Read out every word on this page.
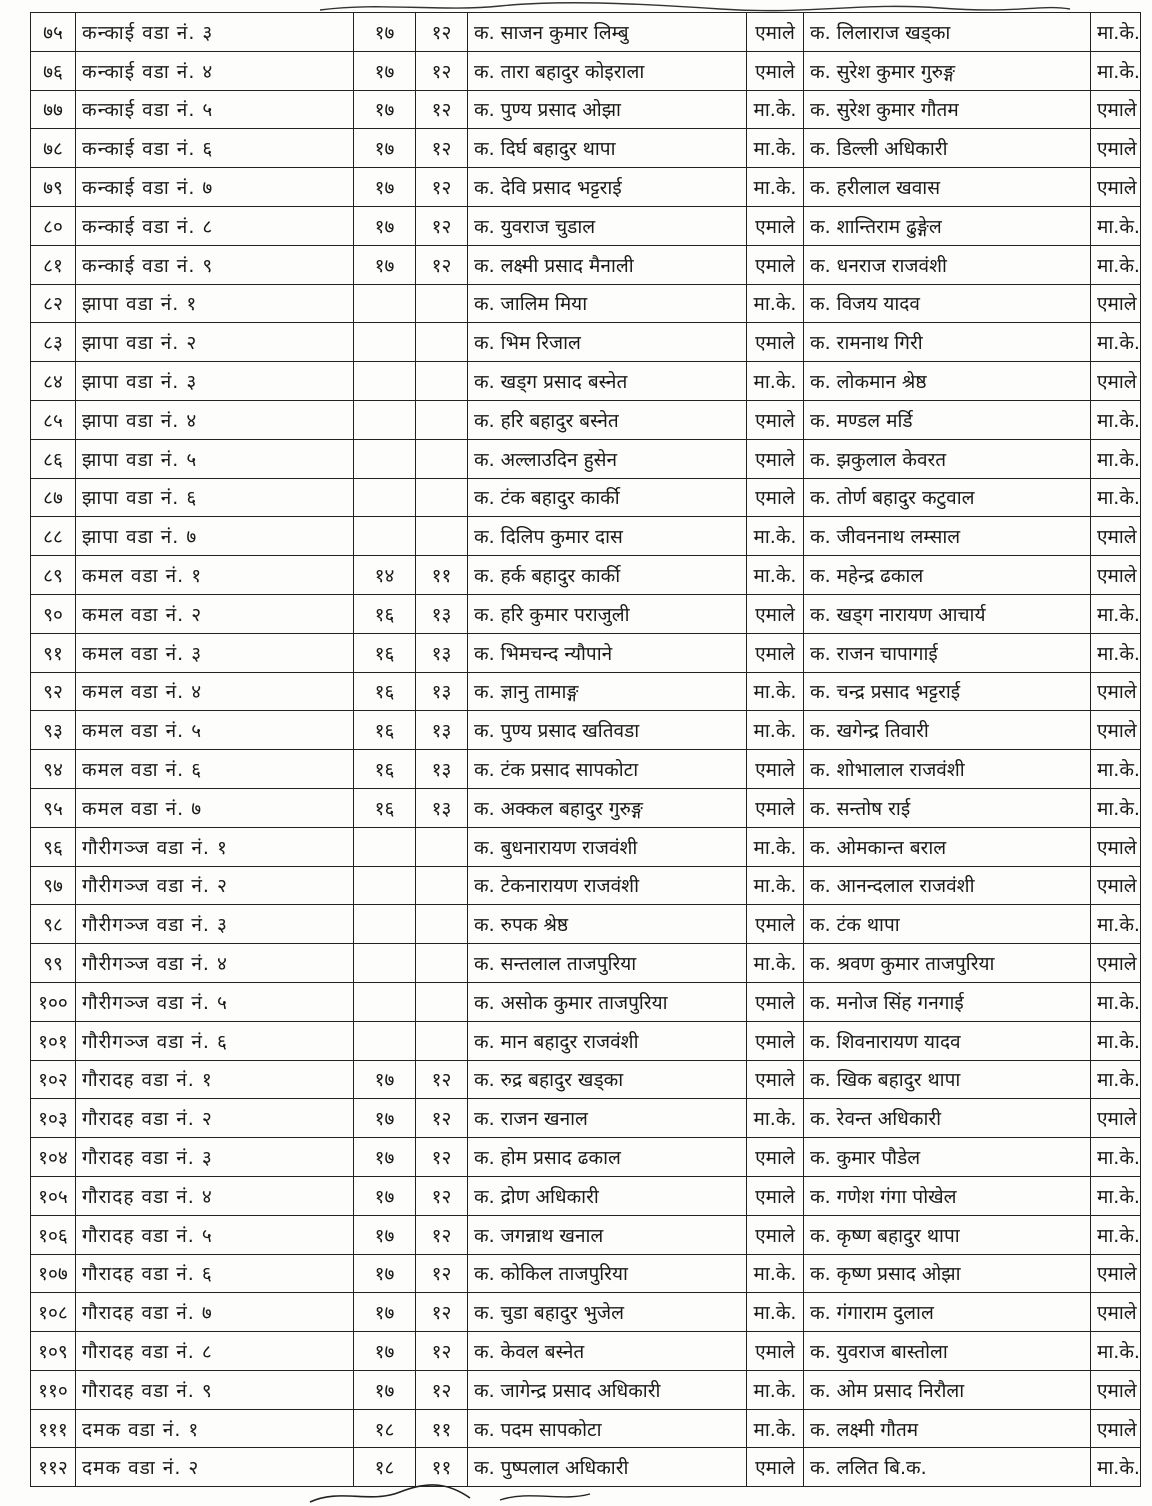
७५	कन्काई वडा नं. ३	१७	१२	क. साजन कुमार लिम्बु	एमाले	क. लिलाराज खड्का	मा.के.
७६	कन्काई वडा नं. ४	१७	१२	क. तारा बहादुर कोइराला	एमाले	क. सुरेश कुमार गुरुङ्ग	मा.के.
७७	कन्काई वडा नं. ५	१७	१२	क. पुण्य प्रसाद ओझा	मा.के.	क. सुरेश कुमार गौतम	एमाले
७८	कन्काई वडा नं. ६	१७	१२	क. दिर्घ बहादुर थापा	मा.के.	क. डिल्ली अधिकारी	एमाले
७९	कन्काई वडा नं. ७	१७	१२	क. देवि प्रसाद भट्टराई	मा.के.	क. हरीलाल खवास	एमाले
८०	कन्काई वडा नं. ८	१७	१२	क. युवराज चुडाल	एमाले	क. शान्तिराम ढुङ्गेल	मा.के.
८१	कन्काई वडा नं. ९	१७	१२	क. लक्ष्मी प्रसाद मैनाली	एमाले	क. धनराज राजवंशी	मा.के.
८२	झापा वडा नं. १			क. जालिम मिया	मा.के.	क. विजय यादव	एमाले
८३	झापा वडा नं. २			क. भिम रिजाल	एमाले	क. रामनाथ गिरी	मा.के.
८४	झापा वडा नं. ३			क. खड्ग प्रसाद बस्नेत	मा.के.	क. लोकमान श्रेष्ठ	एमाले
८५	झापा वडा नं. ४			क. हरि बहादुर बस्नेत	एमाले	क. मण्डल मर्डि	मा.के.
८६	झापा वडा नं. ५			क. अल्लाउदिन हुसेन	एमाले	क. झकुलाल केवरत	मा.के.
८७	झापा वडा नं. ६			क. टंक बहादुर कार्की	एमाले	क. तोर्ण बहादुर कटुवाल	मा.के.
८८	झापा वडा नं. ७			क. दिलिप कुमार दास	मा.के.	क. जीवननाथ लम्साल	एमाले
८९	कमल वडा नं. १	१४	११	क. हर्क बहादुर कार्की	मा.के.	क. महेन्द्र ढकाल	एमाले
९०	कमल वडा नं. २	१६	१३	क. हरि कुमार पराजुली	एमाले	क. खड्ग नारायण आचार्य	मा.के.
९१	कमल वडा नं. ३	१६	१३	क. भिमचन्द न्यौपाने	एमाले	क. राजन चापागाई	मा.के.
९२	कमल वडा नं. ४	१६	१३	क. ज्ञानु तामाङ्ग	मा.के.	क. चन्द्र प्रसाद भट्टराई	एमाले
९३	कमल वडा नं. ५	१६	१३	क. पुण्य प्रसाद खतिवडा	मा.के.	क. खगेन्द्र तिवारी	एमाले
९४	कमल वडा नं. ६	१६	१३	क. टंक प्रसाद सापकोटा	एमाले	क. शोभालाल राजवंशी	मा.के.
९५	कमल वडा नं. ७	१६	१३	क. अक्कल बहादुर गुरुङ्ग	एमाले	क. सन्तोष राई	मा.के.
९६	गौरीगञ्ज वडा नं. १			क. बुधनारायण राजवंशी	मा.के.	क. ओमकान्त बराल	एमाले
९७	गौरीगञ्ज वडा नं. २			क. टेकनारायण राजवंशी	मा.के.	क. आनन्दलाल राजवंशी	एमाले
९८	गौरीगञ्ज वडा नं. ३			क. रुपक श्रेष्ठ	एमाले	क. टंक थापा	मा.के.
९९	गौरीगञ्ज वडा नं. ४			क. सन्तलाल ताजपुरिया	मा.के.	क. श्रवण कुमार ताजपुरिया	एमाले
१००	गौरीगञ्ज वडा नं. ५			क. असोक कुमार ताजपुरिया	एमाले	क. मनोज सिंह गनगाई	मा.के.
१०१	गौरीगञ्ज वडा नं. ६			क. मान बहादुर राजवंशी	एमाले	क. शिवनारायण यादव	मा.के.
१०२	गौरादह वडा नं. १	१७	१२	क. रुद्र बहादुर खड्का	एमाले	क. खिक बहादुर थापा	मा.के.
१०३	गौरादह वडा नं. २	१७	१२	क. राजन खनाल	मा.के.	क. रेवन्त अधिकारी	एमाले
१०४	गौरादह वडा नं. ३	१७	१२	क. होम प्रसाद ढकाल	एमाले	क. कुमार पौडेल	मा.के.
१०५	गौरादह वडा नं. ४	१७	१२	क. द्रोण अधिकारी	एमाले	क. गणेश गंगा पोखेल	मा.के.
१०६	गौरादह वडा नं. ५	१७	१२	क. जगन्नाथ खनाल	एमाले	क. कृष्ण बहादुर थापा	मा.के.
१०७	गौरादह वडा नं. ६	१७	१२	क. कोकिल ताजपुरिया	मा.के.	क. कृष्ण प्रसाद ओझा	एमाले
१०८	गौरादह वडा नं. ७	१७	१२	क. चुडा बहादुर भुजेल	मा.के.	क. गंगाराम दुलाल	एमाले
१०९	गौरादह वडा नं. ८	१७	१२	क. केवल बस्नेत	एमाले	क. युवराज बास्तोला	मा.के.
११०	गौरादह वडा नं. ९	१७	१२	क. जागेन्द्र प्रसाद अधिकारी	मा.के.	क. ओम प्रसाद निरौला	एमाले
१११	दमक वडा नं. १	१८	११	क. पदम सापकोटा	मा.के.	क. लक्ष्मी गौतम	एमाले
११२	दमक वडा नं. २	१८	११	क. पुष्पलाल अधिकारी	एमाले	क. ललित बि.क.	मा.के.
